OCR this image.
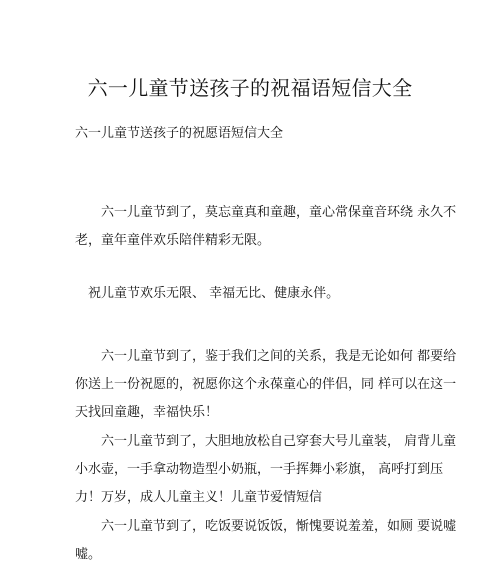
六一儿童节送孩子的祝福语短信大全
六一儿童节送孩子的祝愿语短信大全
六一儿童节到了，莫忘童真和童趣，童心常保童音环绕 永久不
老，童年童伴欢乐陪伴精彩无限。
祝儿童节欢乐无限、 幸福无比、健康永伴。
六一儿童节到了，鉴于我们之间的关系，我是无论如何 都要给
你送上一份祝愿的，祝愿你这个永葆童心的伴侣，同 样可以在这一
天找回童趣，幸福快乐！
六一儿童节到了，大胆地放松自己穿套大号儿童装， 肩背儿童
小水壶，一手拿动物造型小奶瓶，一手挥舞小彩旗， 高呼打到压
力！万岁，成人儿童主义！儿童节爱情短信
六一儿童节到了，吃饭要说饭饭，惭愧要说羞羞，如厕 要说嘘
嘘。
